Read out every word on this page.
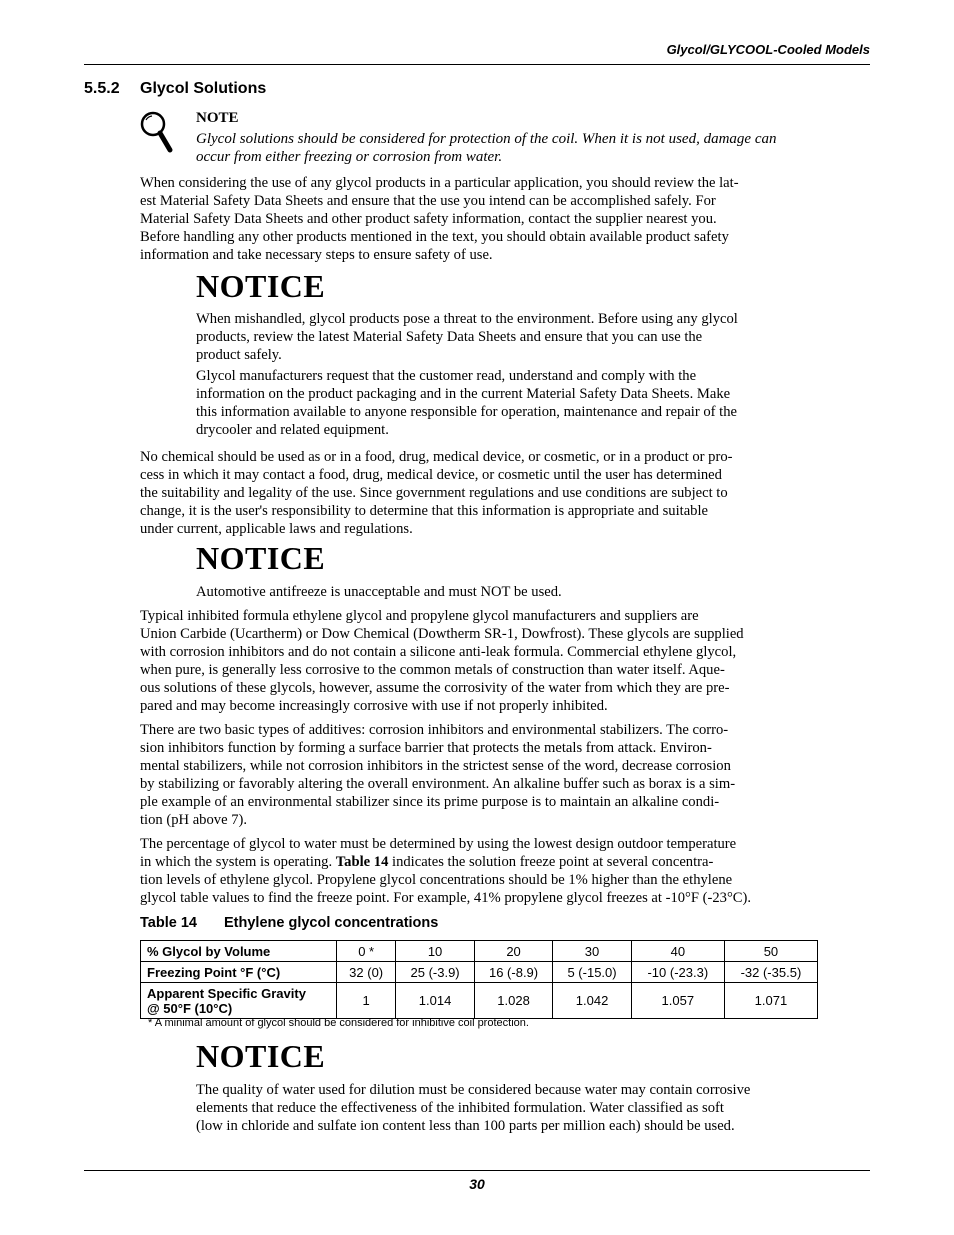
Glycol/GLYCOOL-Cooled Models
5.5.2 Glycol Solutions
NOTE
Glycol solutions should be considered for protection of the coil. When it is not used, damage can
occur from either freezing or corrosion from water.
When considering the use of any glycol products in a particular application, you should review the lat-
est Material Safety Data Sheets and ensure that the use you intend can be accomplished safely. For
Material Safety Data Sheets and other product safety information, contact the supplier nearest you.
Before handling any other products mentioned in the text, you should obtain available product safety
information and take necessary steps to ensure safety of use.
NOTICE
When mishandled, glycol products pose a threat to the environment. Before using any glycol
products, review the latest Material Safety Data Sheets and ensure that you can use the
product safely.
Glycol manufacturers request that the customer read, understand and comply with the
information on the product packaging and in the current Material Safety Data Sheets. Make
this information available to anyone responsible for operation, maintenance and repair of the
drycooler and related equipment.
No chemical should be used as or in a food, drug, medical device, or cosmetic, or in a product or pro-
cess in which it may contact a food, drug, medical device, or cosmetic until the user has determined
the suitability and legality of the use. Since government regulations and use conditions are subject to
change, it is the user's responsibility to determine that this information is appropriate and suitable
under current, applicable laws and regulations.
NOTICE
Automotive antifreeze is unacceptable and must NOT be used.
Typical inhibited formula ethylene glycol and propylene glycol manufacturers and suppliers are
Union Carbide (Ucartherm) or Dow Chemical (Dowtherm SR-1, Dowfrost). These glycols are supplied
with corrosion inhibitors and do not contain a silicone anti-leak formula. Commercial ethylene glycol,
when pure, is generally less corrosive to the common metals of construction than water itself. Aque-
ous solutions of these glycols, however, assume the corrosivity of the water from which they are pre-
pared and may become increasingly corrosive with use if not properly inhibited.
There are two basic types of additives: corrosion inhibitors and environmental stabilizers. The corro-
sion inhibitors function by forming a surface barrier that protects the metals from attack. Environ-
mental stabilizers, while not corrosion inhibitors in the strictest sense of the word, decrease corrosion
by stabilizing or favorably altering the overall environment. An alkaline buffer such as borax is a sim-
ple example of an environmental stabilizer since its prime purpose is to maintain an alkaline condi-
tion (pH above 7).
The percentage of glycol to water must be determined by using the lowest design outdoor temperature
in which the system is operating. Table 14 indicates the solution freeze point at several concentra-
tion levels of ethylene glycol. Propylene glycol concentrations should be 1% higher than the ethylene
glycol table values to find the freeze point. For example, 41% propylene glycol freezes at -10°F (-23°C).
Table 14 Ethylene glycol concentrations
% Glycol by Volume	0 *	10	20	30	40	50
Freezing Point °F (°C)	32 (0)	25 (-3.9)	16 (-8.9)	5 (-15.0)	-10 (-23.3)	-32 (-35.5)

Apparent Specific Gravity
@ 50°F (10°C)	1	1.014	1.028	1.042	1.057	1.071
* A minimal amount of glycol should be considered for inhibitive coil protection.
NOTICE
The quality of water used for dilution must be considered because water may contain corrosive
elements that reduce the effectiveness of the inhibited formulation. Water classified as soft
(low in chloride and sulfate ion content less than 100 parts per million each) should be used.
30
